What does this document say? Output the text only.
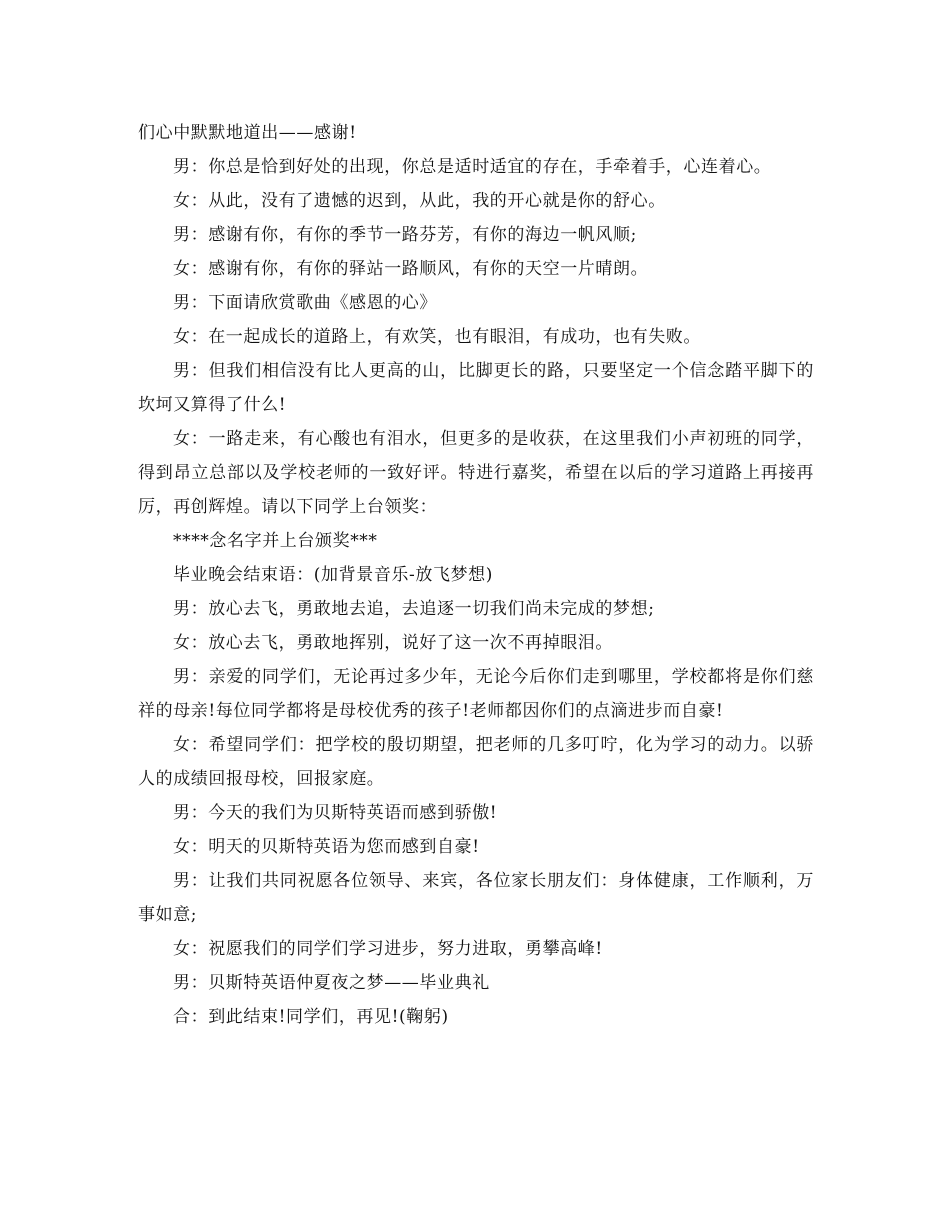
们心中默默地道出——感谢!

男：你总是恰到好处的出现，你总是适时适宜的存在，手牵着手，心连着心。

女：从此，没有了遗憾的迟到，从此，我的开心就是你的舒心。

男：感谢有你，有你的季节一路芬芳，有你的海边一帆风顺;

女：感谢有你，有你的驿站一路顺风，有你的天空一片晴朗。

男：下面请欣赏歌曲《感恩的心》

女：在一起成长的道路上，有欢笑，也有眼泪，有成功，也有失败。

男：但我们相信没有比人更高的山，比脚更长的路，只要坚定一个信念踏平脚下的坎坷又算得了什么!

女：一路走来，有心酸也有泪水，但更多的是收获，在这里我们小声初班的同学，得到昂立总部以及学校老师的一致好评。特进行嘉奖，希望在以后的学习道路上再接再厉，再创辉煌。请以下同学上台领奖：

****念名字并上台颁奖***

毕业晚会结束语：(加背景音乐-放飞梦想)

男：放心去飞，勇敢地去追，去追逐一切我们尚未完成的梦想;

女：放心去飞，勇敢地挥别，说好了这一次不再掉眼泪。

男：亲爱的同学们，无论再过多少年，无论今后你们走到哪里，学校都将是你们慈祥的母亲!每位同学都将是母校优秀的孩子!老师都因你们的点滴进步而自豪!

女：希望同学们：把学校的殷切期望，把老师的几多叮咛，化为学习的动力。以骄人的成绩回报母校，回报家庭。

男：今天的我们为贝斯特英语而感到骄傲!

女：明天的贝斯特英语为您而感到自豪!

男：让我们共同祝愿各位领导、来宾，各位家长朋友们：身体健康，工作顺利，万事如意;

女：祝愿我们的同学们学习进步，努力进取，勇攀高峰!

男：贝斯特英语仲夏夜之梦——毕业典礼

合：到此结束!同学们，再见!(鞠躬)
